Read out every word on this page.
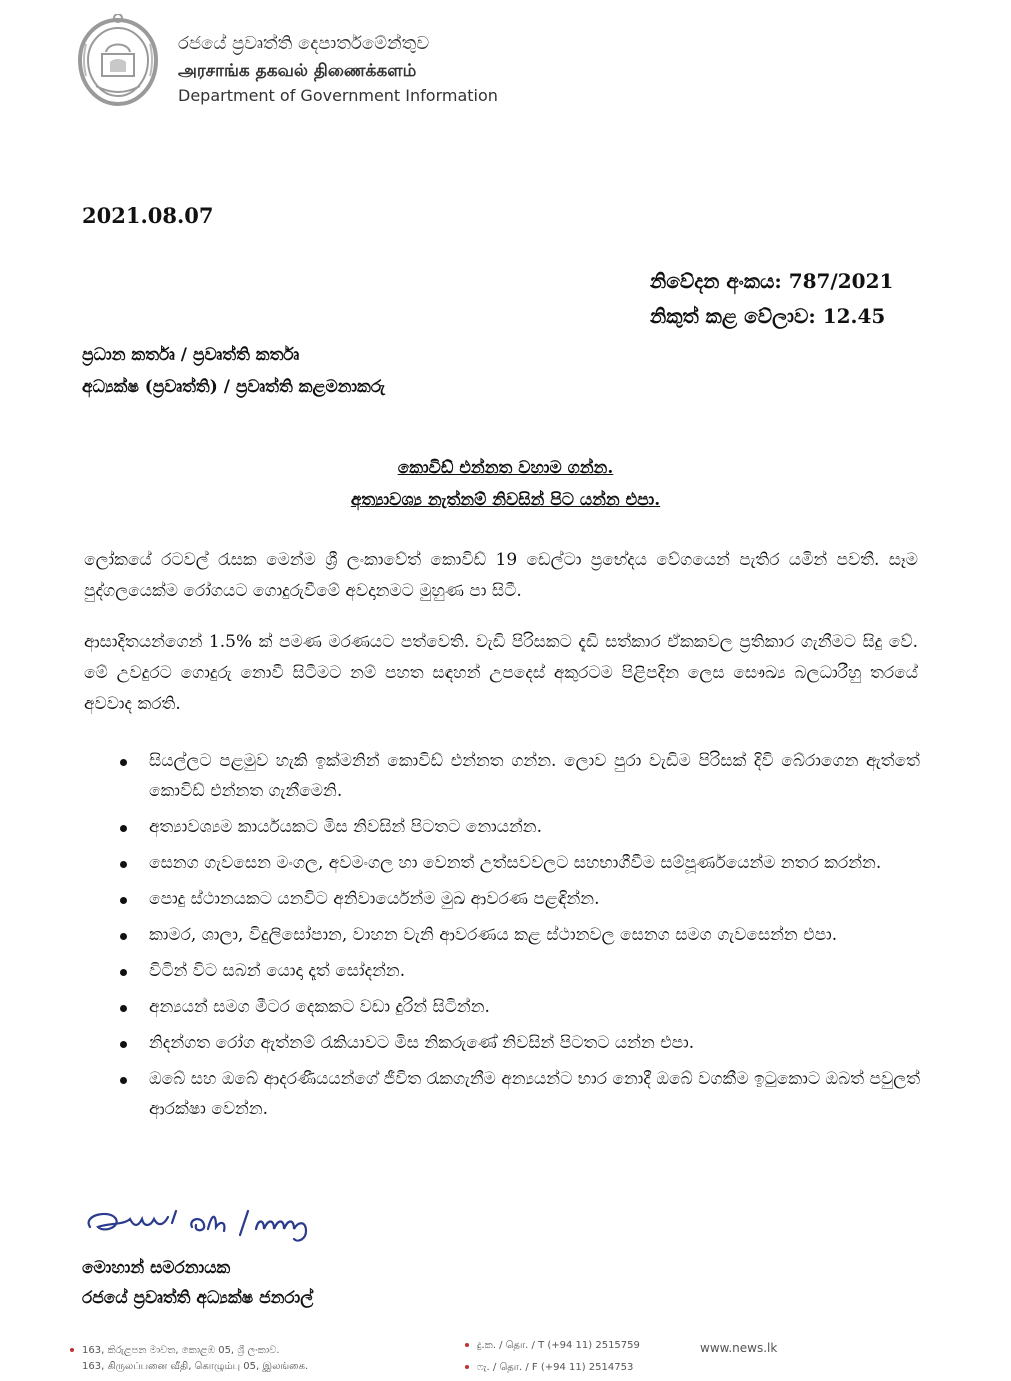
රජයේ ප්‍රවෘත්ති දෙපාර්තමේන්තුව
அரசாங்க தகவல் திணைக்களம்
Department of Government Information
2021.08.07
නිවේදන අංකය: 787/2021
නිකුත් කළ වේලාව: 12.45
ප්‍රධාන කර්තෘ / ප්‍රවෘත්ති කර්තෘ
අධ්‍යක්ෂ (ප්‍රවෘත්ති) / ප්‍රවෘත්ති කළමනාකරු
කොවිඩ් එන්නත වහාම ගන්න.
අත්‍යාවශ්‍ය නැත්නම් නිවසින් පිට යන්න එපා.
ලෝකයේ රටවල් රැසක මෙන්ම ශ්‍රී ලංකාවේත් කොවිඩ් 19 ඩෙල්ටා ප්‍රභේදය වේගයෙන් පැතිර යමින් පවතී. සෑම පුද්ගලයෙක්ම රෝගයට ගොදුරුවීමේ අවදානමට මුහුණ පා සිටී.
ආසාදිතයන්ගෙන් 1.5% ක් පමණ මරණයට පත්වෙති. වැඩි පිරිසකට දැඩි සත්කාර ඒකකවල ප්‍රතිකාර ගැනීමට සිදු වේ. මේ උවදුරට ගොදුරු නොවී සිටීමට නම් පහත සඳහන් උපදෙස් අකුරටම පිළිපදින ලෙස සෞඛ්‍ය බලධාරීහු තරයේ අවවාද කරති.
සියල්ලට පළමුව හැකි ඉක්මනින් කොවිඩ් එන්නත ගන්න. ලොව පුරා වැඩිම පිරිසක් දිවි බේරාගෙන ඇත්තේ කොවිඩ් එන්නත ගැනීමෙනි.
අත්‍යාවශ්‍යම කාර්යයකට මිස නිවසින් පිටතට නොයන්න.
සෙනග ගැවසෙන මංගල, අවමංගල හා වෙනත් උත්සවවලට සහභාගීවීම සම්පූර්ණයෙන්ම නතර කරන්න.
පොදු ස්ථානයකට යනවිට අනිවාර්යෙන්ම මුඛ ආවරණ පළඳින්න.
කාමර, ශාලා, විදුලිසෝපාන, වාහන වැනි ආවරණය කළ ස්ථානවල සෙනග සමග ගැවසෙන්න එපා.
විටින් විට සබන් යොදා දෑත් සෝදන්න.
අන්‍යයන් සමග මීටර දෙකකට වඩා දුරින් සිටින්න.
නිදන්ගත රෝග ඇත්නම් රැකියාවට මිස නිකරුණේ නිවසින් පිටතට යන්න එපා.
ඔබේ සහ ඔබේ ආදරණීයයන්ගේ ජීවිත රැකගැනීම අන්‍යයන්ට භාර නොදී ඔබේ වගකීම ඉටුකොට ඔබත් පවුලත් ආරක්ෂා වෙන්න.
මොහාන් සමරනායක
රජයේ ප්‍රවෘත්ති අධ්‍යක්ෂ ජනරාල්
163, කිරුළපන මාවත, කොළඹ 05, ශ්‍රී ලංකාව.
163, கிருலப்பனை வீதி, கொழும்பு 05, இலங்கை.
දු.ක. / தொ. / T (+94 11) 2515759
ෆැ. / தொ. / F (+94 11) 2514753
www.news.lk
